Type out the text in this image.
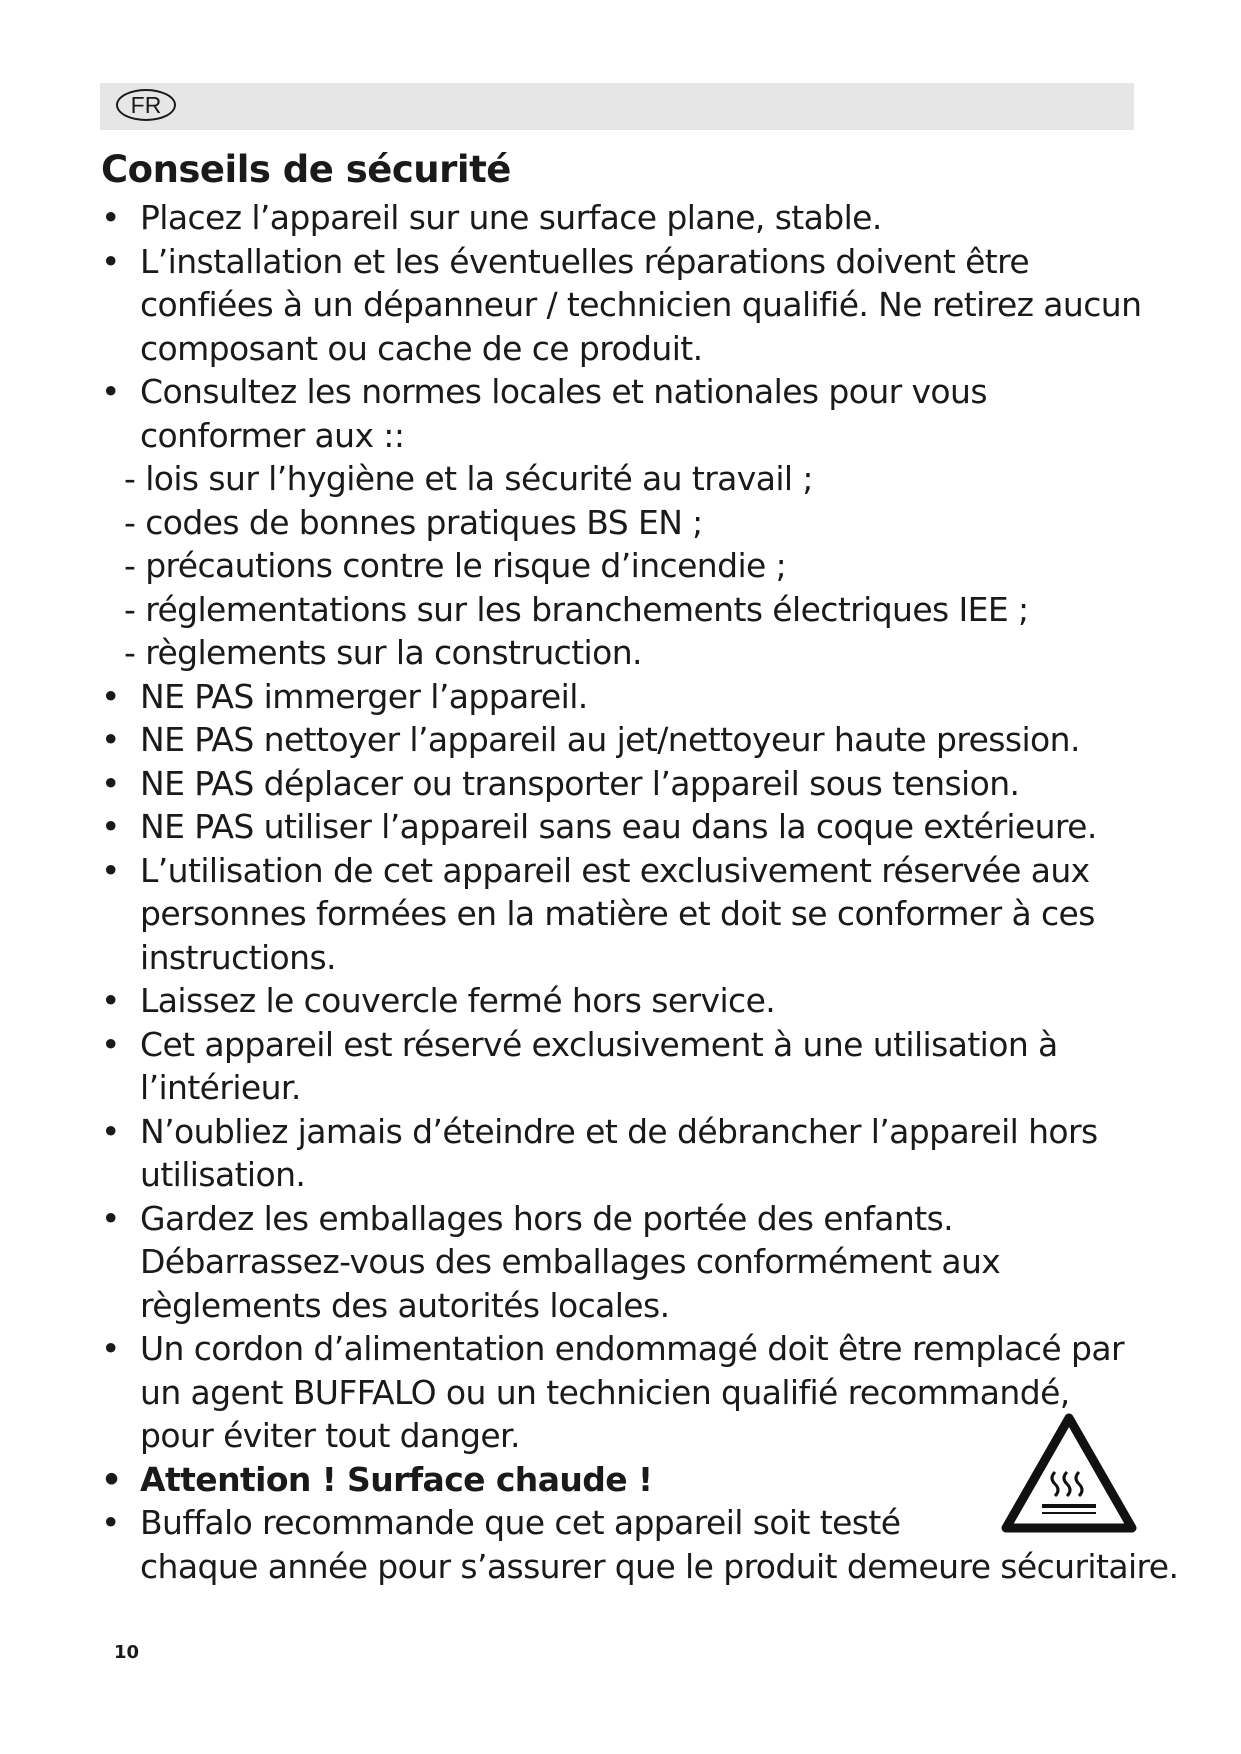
FR
Conseils de sécurité
• Placez l’appareil sur une surface plane, stable.
• L’installation et les éventuelles réparations doivent être
confiées à un dépanneur / technicien qualifié. Ne retirez aucun
composant ou cache de ce produit.
• Consultez les normes locales et nationales pour vous
conformer aux ::
- lois sur l’hygiène et la sécurité au travail ;
- codes de bonnes pratiques BS EN ;
- précautions contre le risque d’incendie ;
- réglementations sur les branchements électriques IEE ;
- règlements sur la construction.
• NE PAS immerger l’appareil.
• NE PAS nettoyer l’appareil au jet/nettoyeur haute pression.
• NE PAS déplacer ou transporter l’appareil sous tension.
• NE PAS utiliser l’appareil sans eau dans la coque extérieure.
• L’utilisation de cet appareil est exclusivement réservée aux
personnes formées en la matière et doit se conformer à ces
instructions.
• Laissez le couvercle fermé hors service.
• Cet appareil est réservé exclusivement à une utilisation à
l’intérieur.
• N’oubliez jamais d’éteindre et de débrancher l’appareil hors
utilisation.
• Gardez les emballages hors de portée des enfants.
Débarrassez-vous des emballages conformément aux
règlements des autorités locales.
• Un cordon d’alimentation endommagé doit être remplacé par
un agent BUFFALO ou un technicien qualifié recommandé,
pour éviter tout danger.
• Attention ! Surface chaude !
• Buffalo recommande que cet appareil soit testé
chaque année pour s’assurer que le produit demeure sécuritaire.
10
